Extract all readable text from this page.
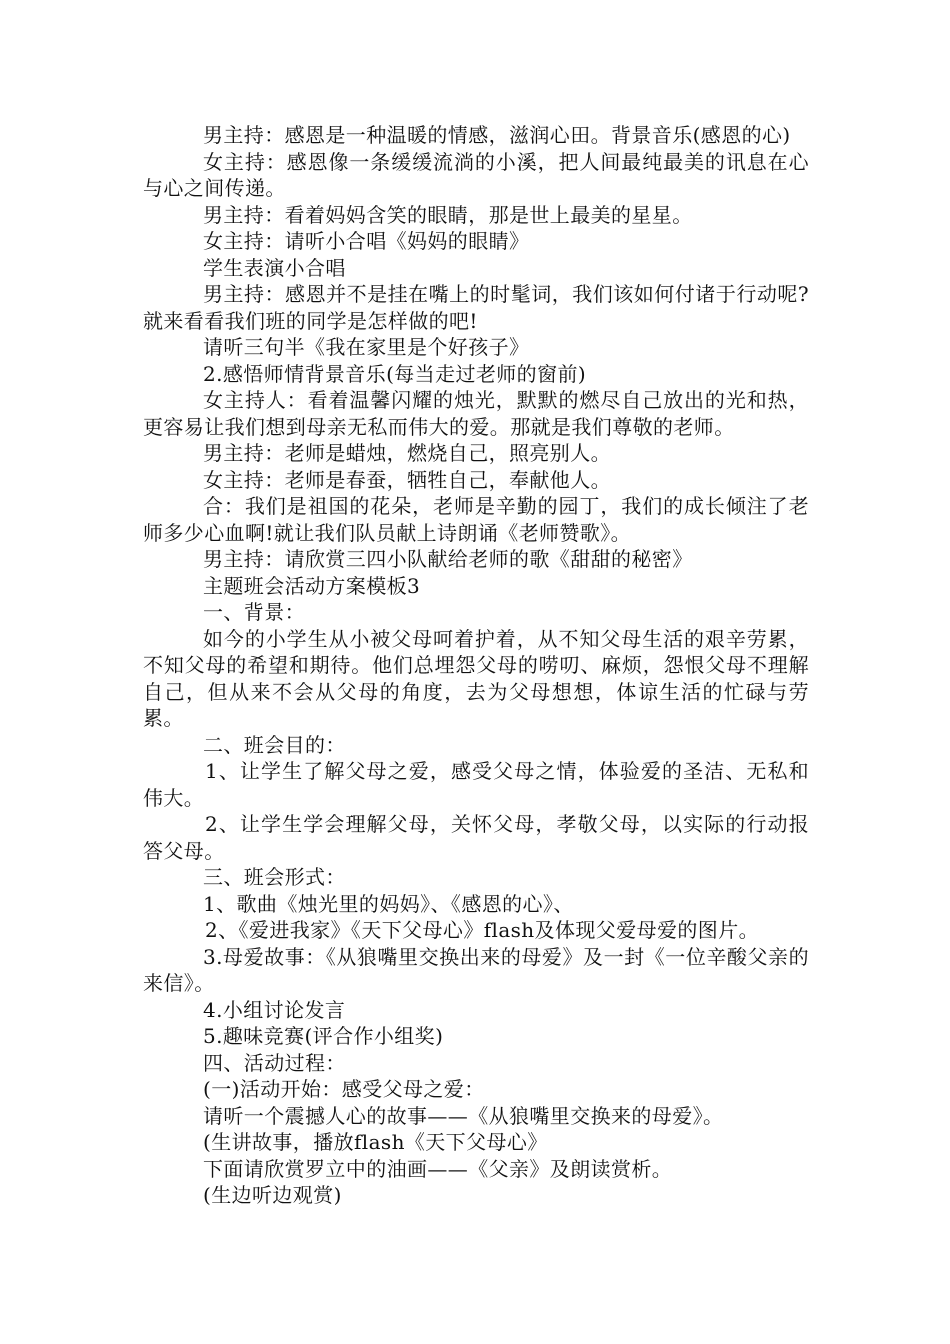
男主持：感恩是一种温暖的情感，滋润心田。背景音乐(感恩的心)

女主持：感恩像一条缓缓流淌的小溪，把人间最纯最美的讯息在心与心之间传递。

男主持：看着妈妈含笑的眼睛，那是世上最美的星星。

女主持：请听小合唱《妈妈的眼睛》

学生表演小合唱

男主持：感恩并不是挂在嘴上的时髦词，我们该如何付诸于行动呢?就来看看我们班的同学是怎样做的吧!

请听三句半《我在家里是个好孩子》

2.感悟师情背景音乐(每当走过老师的窗前)

女主持人：看着温馨闪耀的烛光，默默的燃尽自己放出的光和热，更容易让我们想到母亲无私而伟大的爱。那就是我们尊敬的老师。

男主持：老师是蜡烛，燃烧自己，照亮别人。

女主持：老师是春蚕，牺牲自己，奉献他人。

合：我们是祖国的花朵，老师是辛勤的园丁，我们的成长倾注了老师多少心血啊!就让我们队员献上诗朗诵《老师赞歌》。

男主持：请欣赏三四小队献给老师的歌《甜甜的秘密》

主题班会活动方案模板3

一、背景：

如今的小学生从小被父母呵着护着，从不知父母生活的艰辛劳累，不知父母的希望和期待。他们总埋怨父母的唠叨、麻烦，怨恨父母不理解自己，但从来不会从父母的角度，去为父母想想，体谅生活的忙碌与劳累。

二、班会目的：

1、让学生了解父母之爱，感受父母之情，体验爱的圣洁、无私和伟大。

2、让学生学会理解父母，关怀父母，孝敬父母，以实际的行动报答父母。

三、班会形式：

1、歌曲《烛光里的妈妈》、《感恩的心》、

2、《爱进我家》《天下父母心》flash及体现父爱母爱的图片。

3.母爱故事：《从狼嘴里交换出来的母爱》及一封《一位辛酸父亲的来信》。

4.小组讨论发言

5.趣味竞赛(评合作小组奖)

四、活动过程：

(一)活动开始：感受父母之爱：

请听一个震撼人心的故事——《从狼嘴里交换来的母爱》。

(生讲故事，播放flash《天下父母心》

下面请欣赏罗立中的油画——《父亲》及朗读赏析。

(生边听边观赏)
